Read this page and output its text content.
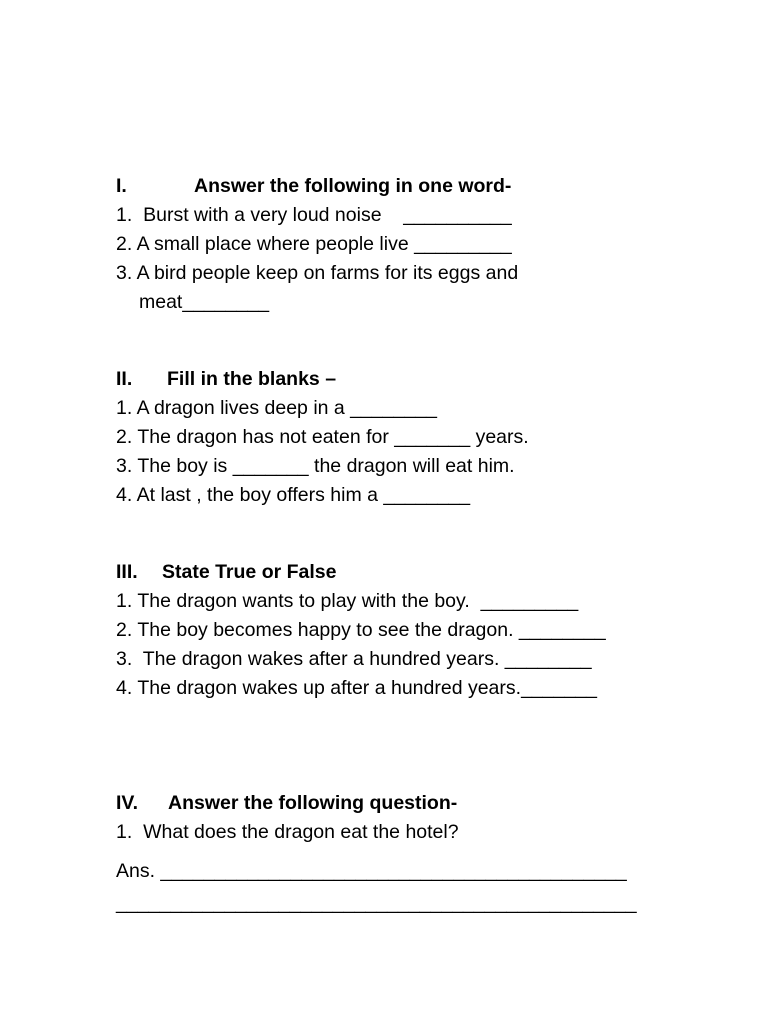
I.	Answer the following in one word-
1.  Burst with a very loud noise    __________
2. A small place where people live _________
3. A bird people keep on farms for its eggs and meat________
II.	Fill in the blanks –
1. A dragon lives deep in a ________
2. The dragon has not eaten for _______ years.
3. The boy is _______ the dragon will eat him.
4. At last , the boy offers him a ________
III.	State True or False
1. The dragon wants to play with the boy.  _________
2. The boy becomes happy to see the dragon. ________
3.  The dragon wakes after a hundred years. ________
4. The dragon wakes up after a hundred years._______
IV.	Answer the following question-
1.  What does the dragon eat the hotel?
Ans. ___________________________________________
________________________________________________
